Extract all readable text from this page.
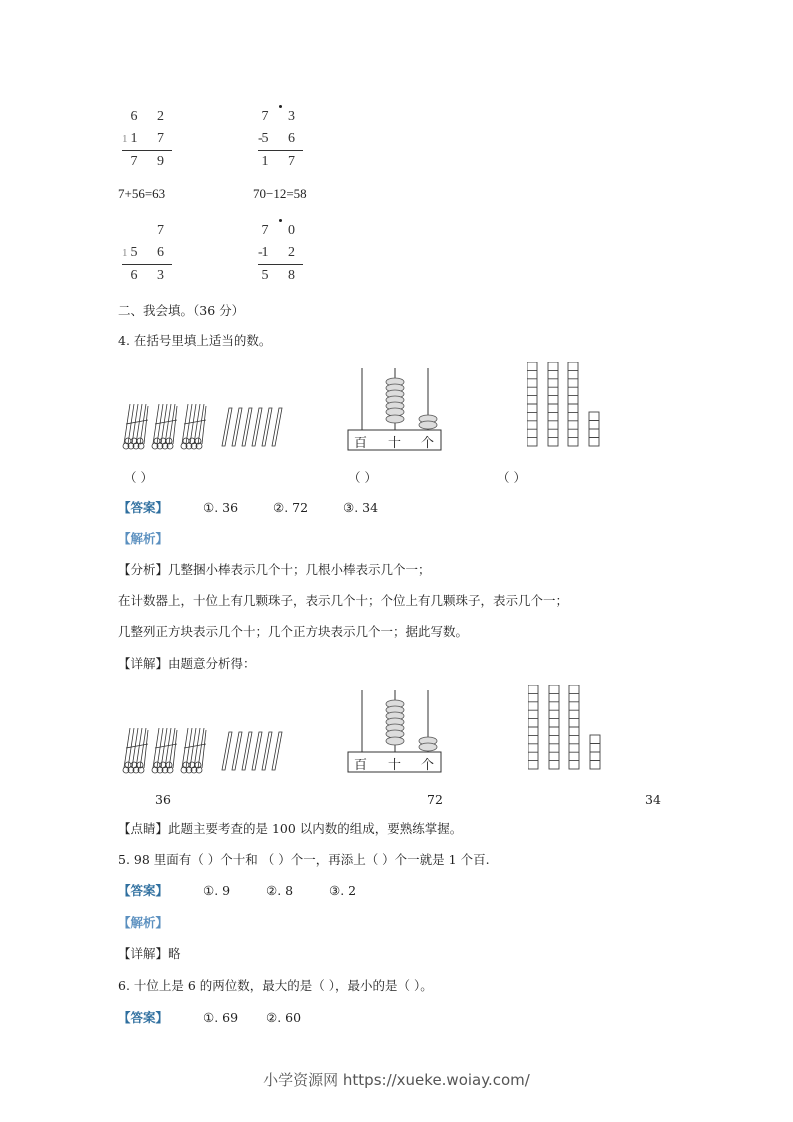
6 2
1 1 7
7 9
7 3
-
5 6
1 7
7+56=63	70−12=58
7
1 5 6
6 3
7 0
-
1 2
5 8
二、我会填。（36 分）
4. 在括号里填上适当的数。
百 十 个
（ ）	（ ）	（ ）
【答案】	①. 36	②. 72	③. 34
【解析】
【分析】几整捆小棒表示几个十；几根小棒表示几个一；
在计数器上，十位上有几颗珠子，表示几个十；个位上有几颗珠子，表示几个一；
几整列正方块表示几个十；几个正方块表示几个一；据此写数。
【详解】由题意分析得：
百 十 个
36	72	34
【点睛】此题主要考查的是 100 以内数的组成，要熟练掌握。
5. 98 里面有（ ）个十和 （ ）个一，再添上（ ）个一就是 1 个百.
【答案】	①. 9	②. 8	③. 2
【解析】
【详解】略
6. 十位上是 6 的两位数，最大的是（ ），最小的是（ ）。
【答案】	①. 69 ②. 60
小学资源网 https://xueke.woiay.com/
